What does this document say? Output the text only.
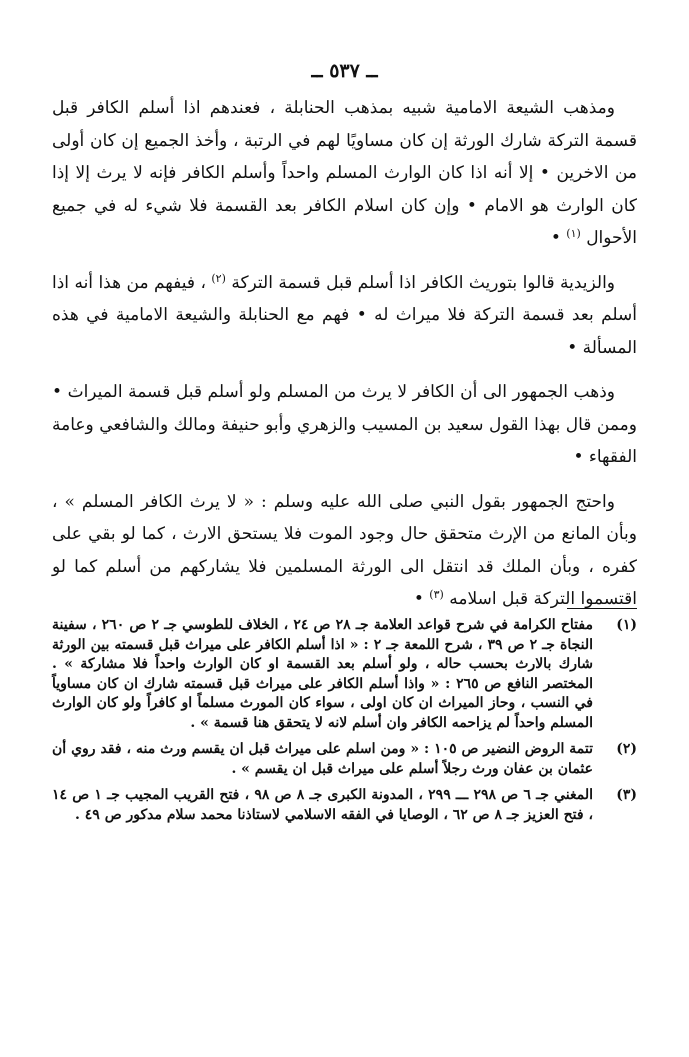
ــ ٥٣٧ ــ

ومذهب الشيعة الامامية شبيه بمذهب الحنابلة ، فعندهم اذا أسلم الكافر قبل قسمة التركة شارك الورثة إن كان مساويًا لهم في الرتبة ، وأخذ الجميع إن كان أولى من الاخرين • إلا أنه اذا كان الوارث المسلم واحداً وأسلم الكافر فإنه لا يرث إلا إذا كان الوارث هو الامام • وإن كان اسلام الكافر بعد القسمة فلا شيء له في جميع الأحوال $^{(١)}$ •

والزيدية قالوا بتوريث الكافر اذا أسلم قبل قسمة التركة $^{(٢)}$ ، فيفهم من هذا أنه اذا أسلم بعد قسمة التركة فلا ميراث له • فهم مع الحنابلة والشيعة الامامية في هذه المسألة •

وذهب الجمهور الى أن الكافر لا يرث من المسلم ولو أسلم قبل قسمة الميراث • وممن قال بهذا القول سعيد بن المسيب والزهري وأبو حنيفة ومالك والشافعي وعامة الفقهاء •

واحتج الجمهور بقول النبي صلى الله عليه وسلم : « لا يرث الكافر المسلم » ، وبأن المانع من الإرث متحقق حال وجود الموت فلا يستحق الارث ، كما لو بقي على كفره ، وبأن الملك قد انتقل الى الورثة المسلمين فلا يشاركهم من أسلم كما لو اقتسموا التركة قبل اسلامه $^{(٣)}$ •

(١)
مفتاح الكرامة في شرح قواعد العلامة جـ ٢٨ ص ٢٤ ، الخلاف للطوسي جـ ٢ ص ٢٦٠ ، سفينة النجاة جـ ٢ ص ٣٩ ، شرح اللمعة جـ ٢ : « اذا أسلم الكافر على ميراث قبل قسمته بين الورثة شارك بالارث بحسب حاله ، ولو أسلم بعد القسمة او كان الوارث واحداً فلا مشاركة » . المختصر النافع ص ٢٦٥ : « واذا أسلم الكافر على ميراث قبل قسمته شارك ان كان مساوياً في النسب ، وحاز الميراث ان كان اولى ، سواء كان المورث مسلماً او كافراً ولو كان الوارث المسلم واحداً لم يزاحمه الكافر وان أسلم لانه لا يتحقق هنا قسمة » .
(٢)
تتمة الروض النضير ص ١٠٥ : « ومن اسلم على ميراث قبل ان يقسم ورث منه ، فقد روي أن عثمان بن عفان ورث رجلاً أسلم على ميراث قبل ان يقسم » .
(٣)
المغني جـ ٦ ص ٢٩٨ ـــ ٢٩٩ ، المدونة الكبرى جـ ٨ ص ٩٨ ، فتح القريب المجيب جـ ١ ص ١٤ ، فتح العزيز جـ ٨ ص ٦٢ ، الوصايا في الفقه الاسلامي لاستاذنا محمد سلام مدكور ص ٤٩ .
